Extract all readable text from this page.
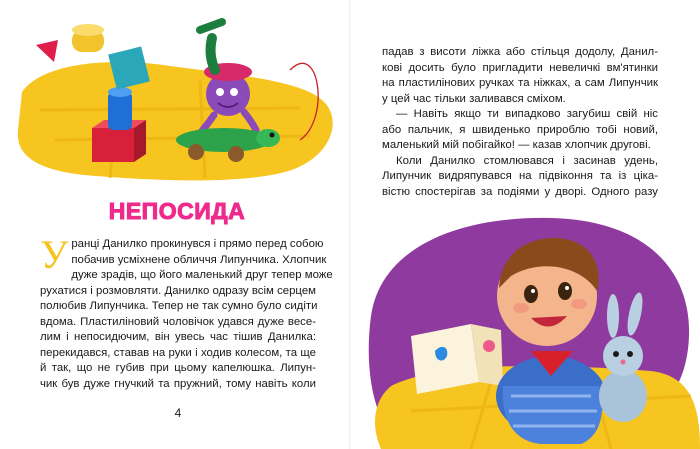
НЕПОСИДА
У ранці Данилко прокинувся і прямо перед собою
побачив усміхнене обличчя Липунчика. Хлопчик
дуже зрадів, що його маленький друг тепер може
рухатися і розмовляти. Данилко одразу всім серцем
полюбив Липунчика. Тепер не так сумно було сидіти
вдома. Пластиліновий чоловічок удався дуже весе-
лим і непосидючим, він увесь час тішив Данилка:
перекидався, ставав на руки і ходив колесом, та ще
й так, що не губив при цьому капелюшка. Липун-
чик був дуже гнучкий та пружний, тому навіть коли
4
падав з висоти ліжка або стільця додолу, Данил-
кові досить було пригладити невеличкі вм'ятинки
на пластилінових ручках та ніжках, а сам Липунчик
у цей час тільки заливався сміхом.
— Навіть якщо ти випадково загубиш свій ніс
або пальчик, я швиденько прироблю тобі новий,
маленький мій побігайко! — казав хлопчик другові.
Коли Данилко стомлювався і засинав удень,
Липунчик видряпувався на підвіконня та із ціка-
вістю спостерігав за подіями у дворі. Одного разу
